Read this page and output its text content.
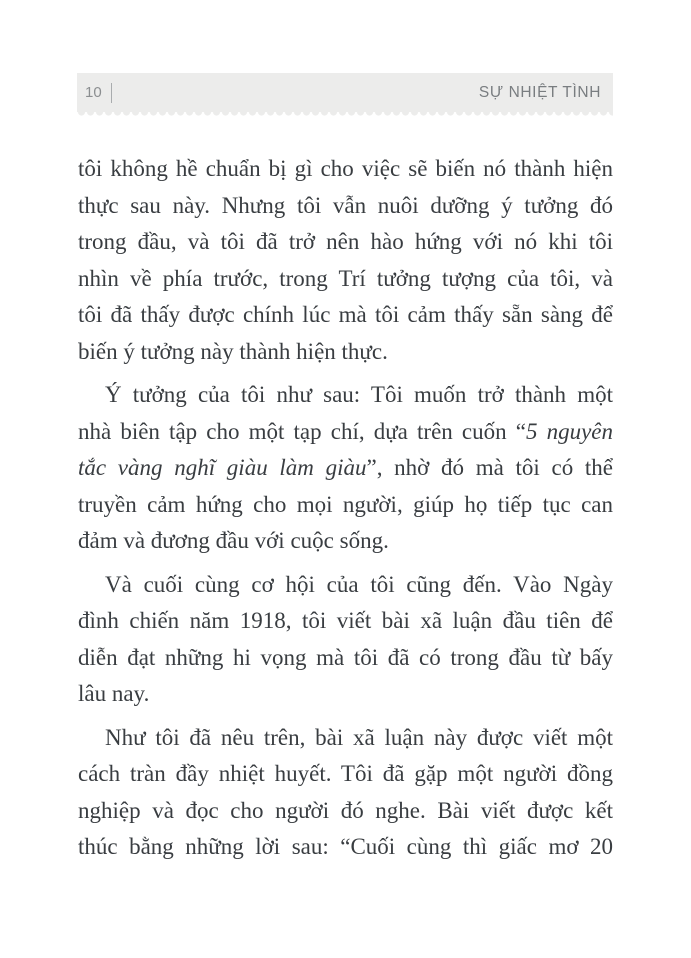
10	SỰ NHIỆT TÌNH
tôi không hề chuẩn bị gì cho việc sẽ biến nó thành hiện
thực sau này. Nhưng tôi vẫn nuôi dưỡng ý tưởng đó
trong đầu, và tôi đã trở nên hào hứng với nó khi tôi
nhìn về phía trước, trong Trí tưởng tượng của tôi, và
tôi đã thấy được chính lúc mà tôi cảm thấy sẵn sàng để
biến ý tưởng này thành hiện thực.
Ý tưởng của tôi như sau: Tôi muốn trở thành một
nhà biên tập cho một tạp chí, dựa trên cuốn “5 nguyên
tắc vàng nghĩ giàu làm giàu”, nhờ đó mà tôi có thể
truyền cảm hứng cho mọi người, giúp họ tiếp tục can
đảm và đương đầu với cuộc sống.
Và cuối cùng cơ hội của tôi cũng đến. Vào Ngày
đình chiến năm 1918, tôi viết bài xã luận đầu tiên để
diễn đạt những hi vọng mà tôi đã có trong đầu từ bấy
lâu nay.
Như tôi đã nêu trên, bài xã luận này được viết một
cách tràn đầy nhiệt huyết. Tôi đã gặp một người đồng
nghiệp và đọc cho người đó nghe. Bài viết được kết
thúc bằng những lời sau: “Cuối cùng thì giấc mơ 20
